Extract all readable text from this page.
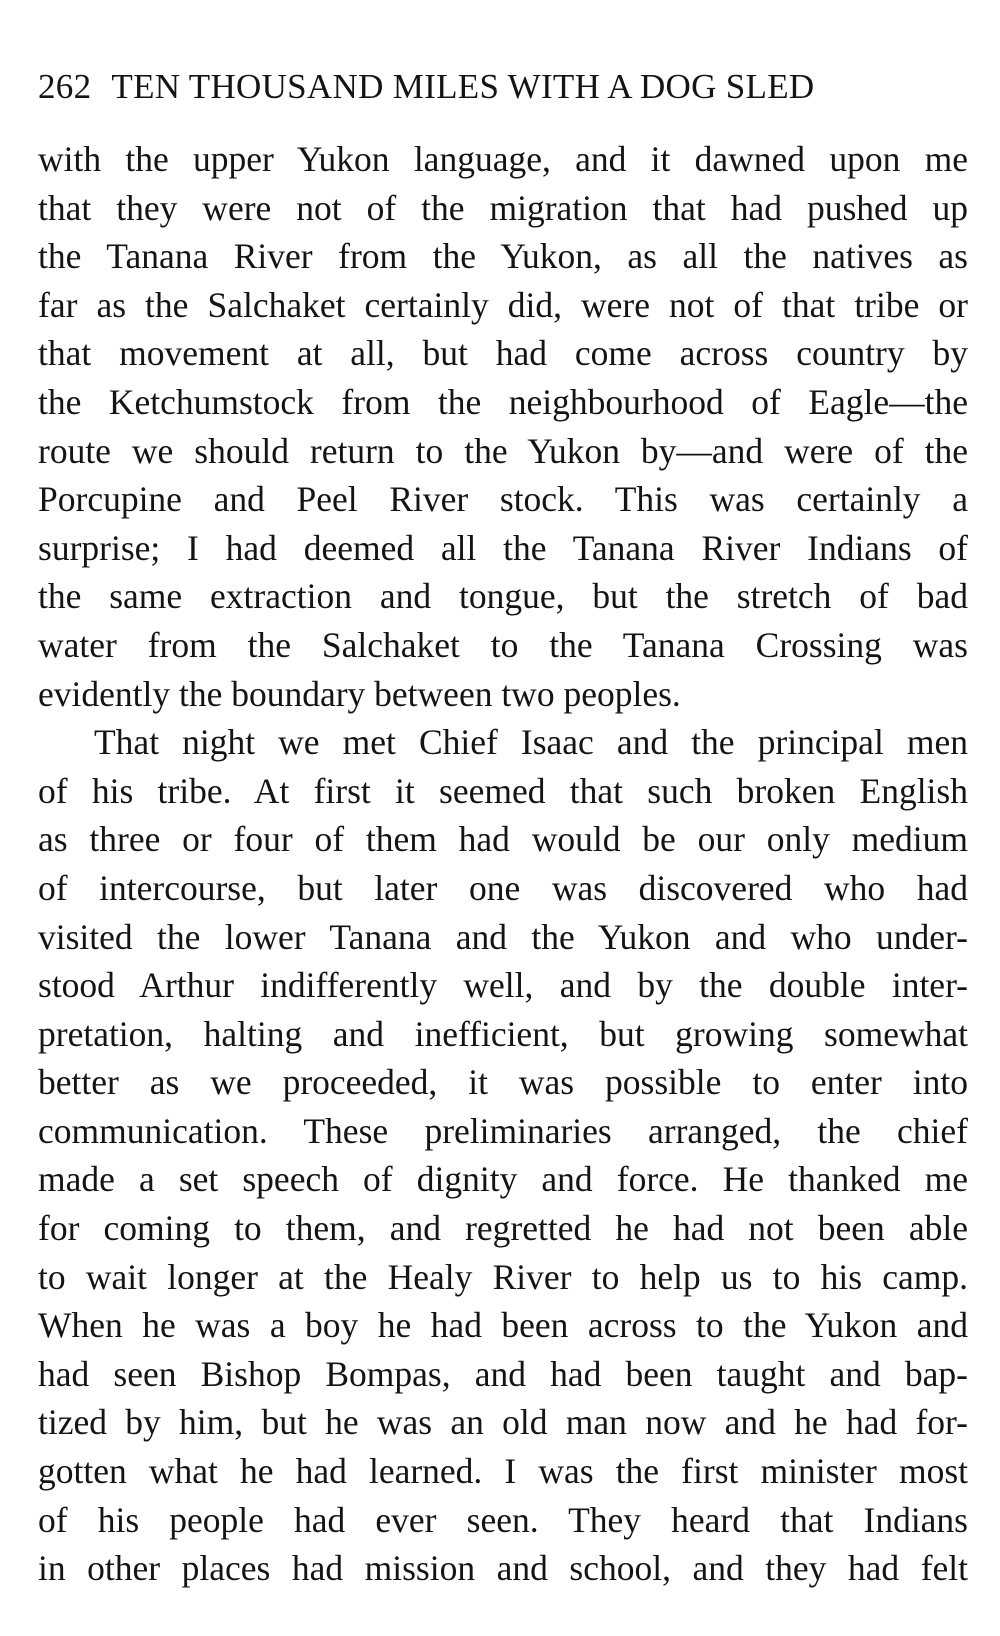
262 TEN THOUSAND MILES WITH A DOG SLED
with the upper Yukon language, and it dawned upon me
that they were not of the migration that had pushed up
the Tanana River from the Yukon, as all the natives as
far as the Salchaket certainly did, were not of that tribe or
that movement at all, but had come across country by
the Ketchumstock from the neighbourhood of Eagle—the
route we should return to the Yukon by—and were of the
Porcupine and Peel River stock. This was certainly a
surprise; I had deemed all the Tanana River Indians of
the same extraction and tongue, but the stretch of bad
water from the Salchaket to the Tanana Crossing was
evidently the boundary between two peoples.
That night we met Chief Isaac and the principal men
of his tribe. At first it seemed that such broken English
as three or four of them had would be our only medium
of intercourse, but later one was discovered who had
visited the lower Tanana and the Yukon and who under-
stood Arthur indifferently well, and by the double inter-
pretation, halting and inefficient, but growing somewhat
better as we proceeded, it was possible to enter into
communication. These preliminaries arranged, the chief
made a set speech of dignity and force. He thanked me
for coming to them, and regretted he had not been able
to wait longer at the Healy River to help us to his camp.
When he was a boy he had been across to the Yukon and
had seen Bishop Bompas, and had been taught and bap-
tized by him, but he was an old man now and he had for-
gotten what he had learned. I was the first minister most
of his people had ever seen. They heard that Indians
in other places had mission and school, and they had felt
